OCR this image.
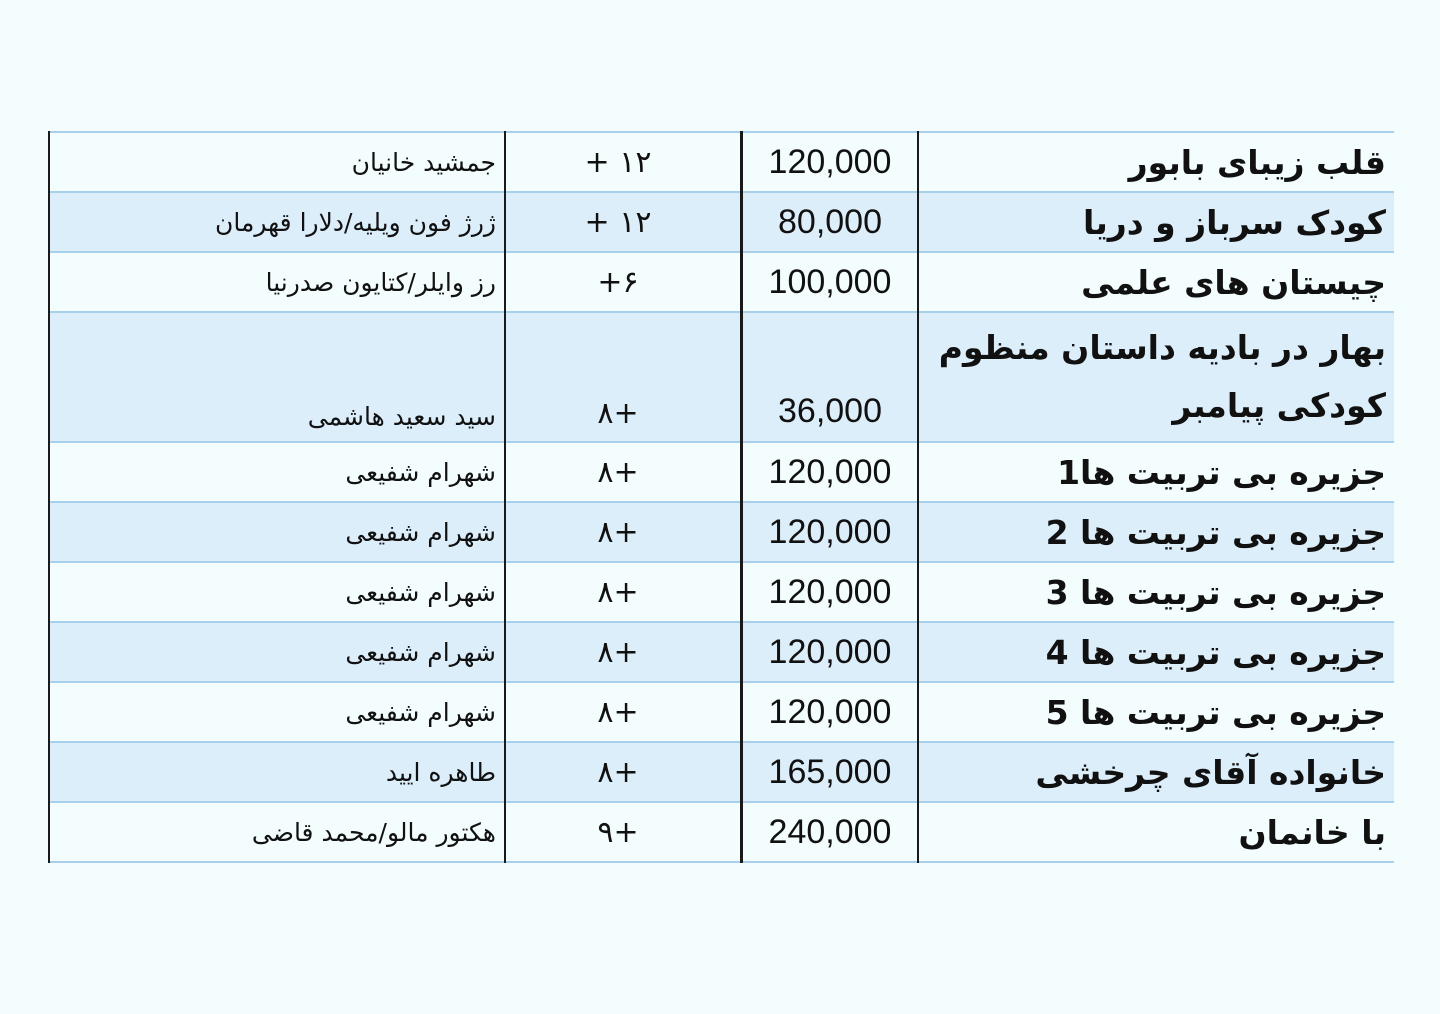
جمشید خانیان	+ ۱۲	120,000	قلب زیبای بابور
ژرژ فون ویلیه/دلارا قهرمان	+ ۱۲	80,000	کودک سرباز و دریا
رز وایلر/کتایون صدرنیا	+۶	100,000	چیستان های علمی
سید سعید هاشمی	۸+	36,000	بهار در بادیه داستان منظوم کودکی پیامبر
شهرام شفیعی	۸+	120,000	جزیره بی تربیت ها1
شهرام شفیعی	۸+	120,000	جزیره بی تربیت ها 2
شهرام شفیعی	۸+	120,000	جزیره بی تربیت ها 3
شهرام شفیعی	۸+	120,000	جزیره بی تربیت ها 4
شهرام شفیعی	۸+	120,000	جزیره بی تربیت ها 5
طاهره ایید	۸+	165,000	خانواده آقای چرخشی
هکتور مالو/محمد قاضی	۹+	240,000	با خانمان
